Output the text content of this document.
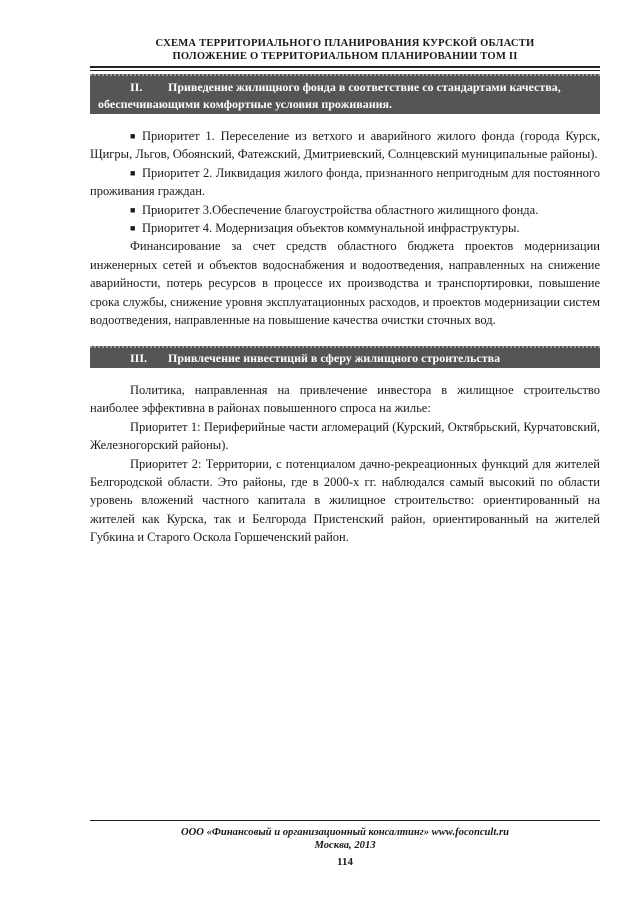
СХЕМА ТЕРРИТОРИАЛЬНОГО ПЛАНИРОВАНИЯ КУРСКОЙ ОБЛАСТИ
ПОЛОЖЕНИЕ О ТЕРРИТОРИАЛЬНОМ ПЛАНИРОВАНИИ ТОМ II
II.	Приведение жилищного фонда в соответствие со стандартами качества,
обеспечивающими комфортные условия проживания.

■ Приоритет 1. Переселение из ветхого и аварийного жилого фонда (города Курск, Щигры, Льгов, Обоянский, Фатежский, Дмитриевский, Солнцевский муниципальные районы).

■ Приоритет 2. Ликвидация жилого фонда, признанного непригодным для постоянного проживания граждан.

■ Приоритет 3.Обеспечение благоустройства областного жилищного фонда.

■ Приоритет 4. Модернизация объектов коммунальной инфраструктуры.

Финансирование за счет средств областного бюджета проектов модернизации инженерных сетей и объектов водоснабжения и водоотведения, направленных на снижение аварийности, потерь ресурсов в процессе их производства и транспортировки, повышение срока службы, снижение уровня эксплуатационных расходов, и проектов модернизации систем водоотведения, направленные на повышение качества очистки сточных вод.

III.	Привлечение инвестиций в сферу жилищного строительства

Политика, направленная на привлечение инвестора в жилищное строительство наиболее эффективна в районах повышенного спроса на жилье:

Приоритет 1: Периферийные части агломераций (Курский, Октябрьский, Курчатовский, Железногорский районы).

Приоритет 2: Территории, с потенциалом дачно-рекреационных функций для жителей Белгородской области. Это районы, где в 2000-х гг. наблюдался самый высокий по области уровень вложений частного капитала в жилищное строительство: ориентированный на жителей как Курска, так и Белгорода Пристенский район, ориентированный на жителей Губкина и Старого Оскола Горшеченский район.

ООО «Финансовый и организационный консалтинг» www.foconcult.ru
Москва, 2013
114
